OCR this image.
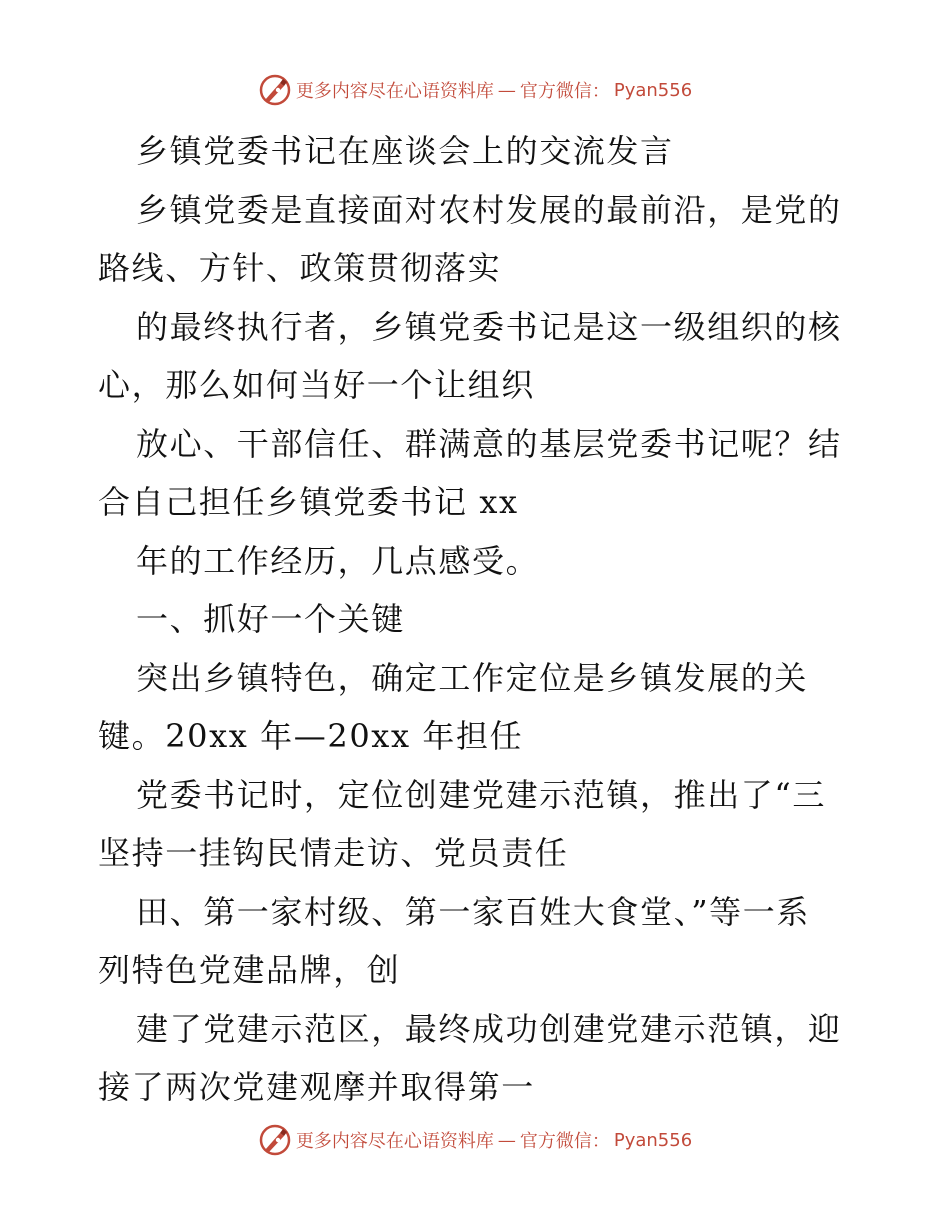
更多内容尽在心语资料库 — 官方微信： Pyan556
乡镇党委书记在座谈会上的交流发言
乡镇党委是直接面对农村发展的最前沿，是党的
路线、方针、政策贯彻落实
的最终执行者，乡镇党委书记是这一级组织的核
心，那么如何当好一个让组织
放心、干部信任、群满意的基层党委书记呢？结
合自己担任乡镇党委书记 xx
年的工作经历，几点感受。
一、抓好一个关键
突出乡镇特色，确定工作定位是乡镇发展的关
键。20xx 年—20xx 年担任
党委书记时，定位创建党建示范镇，推出了“三
坚持一挂钩民情走访、党员责任
田、第一家村级、第一家百姓大食堂、”等一系
列特色党建品牌，创
建了党建示范区，最终成功创建党建示范镇，迎
接了两次党建观摩并取得第一
更多内容尽在心语资料库 — 官方微信： Pyan556
